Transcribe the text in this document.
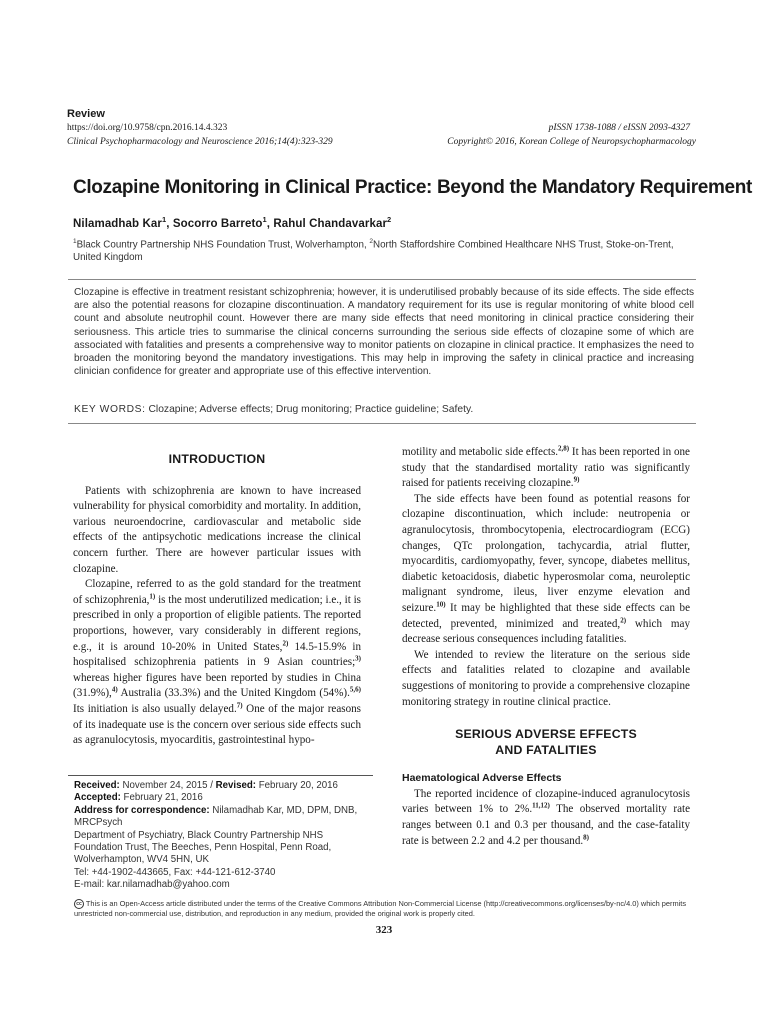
Review
https://doi.org/10.9758/cpn.2016.14.4.323
Clinical Psychopharmacology and Neuroscience 2016;14(4):323-329
pISSN 1738-1088 / eISSN 2093-4327
Copyright© 2016, Korean College of Neuropsychopharmacology
Clozapine Monitoring in Clinical Practice: Beyond the Mandatory Requirement
Nilamadhab Kar$^1$, Socorro Barreto$^1$, Rahul Chandavarkar$^2$
$^1$Black Country Partnership NHS Foundation Trust, Wolverhampton, $^2$North Staffordshire Combined Healthcare NHS Trust, Stoke-on-Trent, United Kingdom
Clozapine is effective in treatment resistant schizophrenia; however, it is underutilised probably because of its side effects. The side effects are also the potential reasons for clozapine discontinuation. A mandatory requirement for its use is regular monitoring of white blood cell count and absolute neutrophil count. However there are many side effects that need monitoring in clinical practice considering their seriousness. This article tries to summarise the clinical concerns surrounding the serious side effects of clozapine some of which are associated with fatalities and presents a comprehensive way to monitor patients on clozapine in clinical practice. It emphasizes the need to broaden the monitoring beyond the mandatory investigations. This may help in improving the safety in clinical practice and increasing clinician confidence for greater and appropriate use of this effective intervention.
KEY WORDS: Clozapine; Adverse effects; Drug monitoring; Practice guideline; Safety.
INTRODUCTION

Patients with schizophrenia are known to have increased vulnerability for physical comorbidity and mortality. In addition, various neuroendocrine, cardiovascular and metabolic side effects of the antipsychotic medications increase the clinical concern further. There are however particular issues with clozapine.

Clozapine, referred to as the gold standard for the treatment of schizophrenia,$^{1)}$ is the most underutilized medication; i.e., it is prescribed in only a proportion of eligible patients. The reported proportions, however, vary considerably in different regions, e.g., it is around 10-20% in United States,$^{2)}$ 14.5-15.9% in hospitalised schizophrenia patients in 9 Asian countries;$^{3)}$ whereas higher figures have been reported by studies in China (31.9%),$^{4)}$ Australia (33.3%) and the United Kingdom (54%).$^{5,6)}$ Its initiation is also usually delayed.$^{7)}$ One of the major reasons of its inadequate use is the concern over serious side effects such as agranulocytosis, myocarditis, gastrointestinal hypo-

Received: November 24, 2015 / Revised: February 20, 2016
Accepted: February 21, 2016
Address for correspondence: Nilamadhab Kar, MD, DPM, DNB, MRCPsych
Department of Psychiatry, Black Country Partnership NHS Foundation Trust, The Beeches, Penn Hospital, Penn Road, Wolverhampton, WV4 5HN, UK
Tel: +44-1902-443665, Fax: +44-121-612-3740
E-mail: kar.nilamadhab@yahoo.com

motility and metabolic side effects.$^{2,8)}$ It has been reported in one study that the standardised mortality ratio was significantly raised for patients receiving clozapine.$^{9)}$

The side effects have been found as potential reasons for clozapine discontinuation, which include: neutropenia or agranulocytosis, thrombocytopenia, electrocardiogram (ECG) changes, QTc prolongation, tachycardia, atrial flutter, myocarditis, cardiomyopathy, fever, syncope, diabetes mellitus, diabetic ketoacidosis, diabetic hyperosmolar coma, neuroleptic malignant syndrome, ileus, liver enzyme elevation and seizure.$^{10)}$ It may be highlighted that these side effects can be detected, prevented, minimized and treated,$^{2)}$ which may decrease serious consequences including fatalities.

We intended to review the literature on the serious side effects and fatalities related to clozapine and available suggestions of monitoring to provide a comprehensive clozapine monitoring strategy in routine clinical practice.

SERIOUS ADVERSE EFFECTS
AND FATALITIES
Haematological Adverse Effects

The reported incidence of clozapine-induced agranulocytosis varies between 1% to 2%.$^{11,12)}$ The observed mortality rate ranges between 0.1 and 0.3 per thousand, and the case-fatality rate is between 2.2 and 4.2 per thousand.$^{8)}$

cc This is an Open-Access article distributed under the terms of the Creative Commons Attribution Non-Commercial License (http://creativecommons.org/licenses/by-nc/4.0) which permits unrestricted non-commercial use, distribution, and reproduction in any medium, provided the original work is properly cited.
323
